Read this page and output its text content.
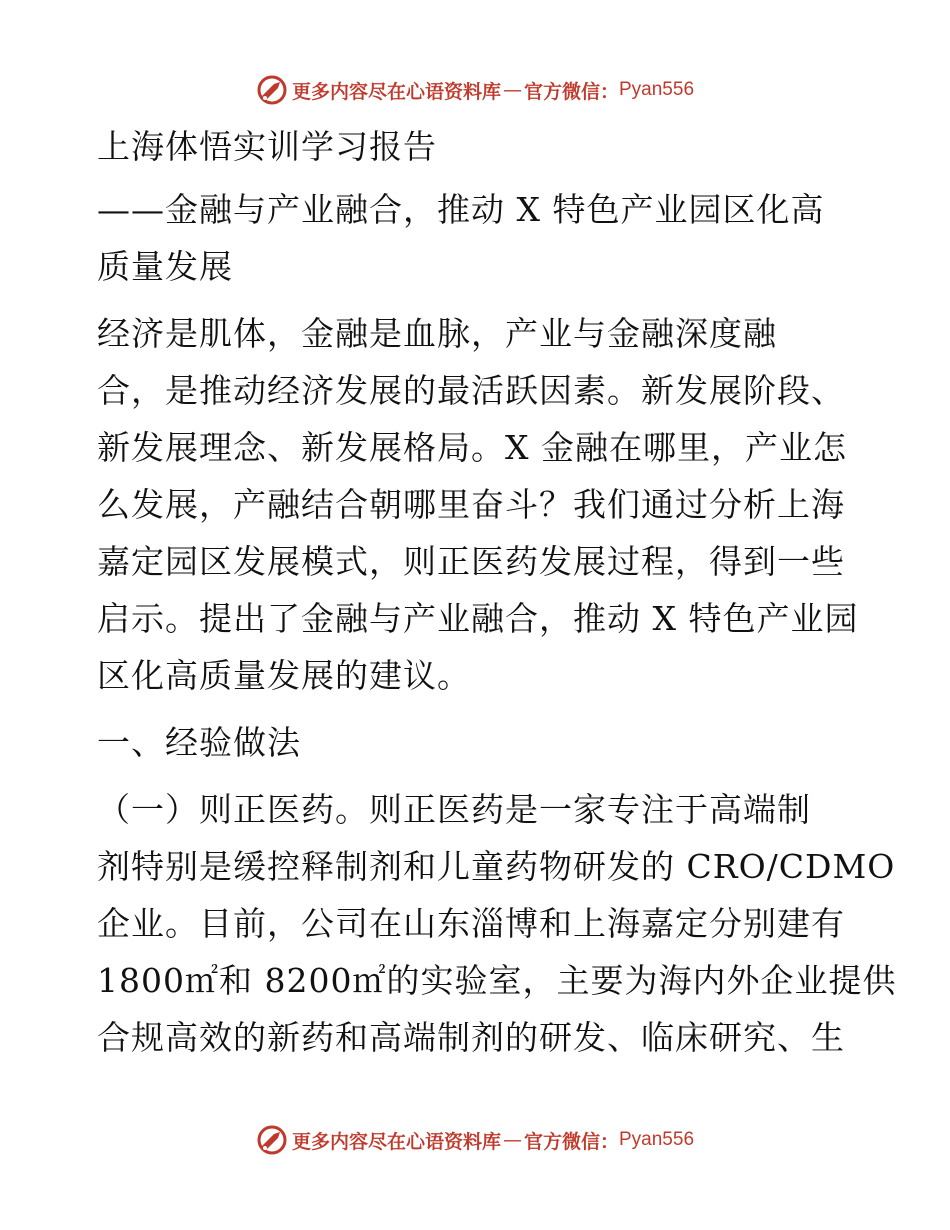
更多内容尽在心语资料库 — 官方微信： Pyan556
上海体悟实训学习报告
——金融与产业融合，推动 X 特色产业园区化高
质量发展
经济是肌体，金融是血脉，产业与金融深度融
合，是推动经济发展的最活跃因素。新发展阶段、
新发展理念、新发展格局。X 金融在哪里，产业怎
么发展，产融结合朝哪里奋斗？我们通过分析上海
嘉定园区发展模式，则正医药发展过程，得到一些
启示。提出了金融与产业融合，推动 X 特色产业园
区化高质量发展的建议。
一、经验做法
（一）则正医药。则正医药是一家专注于高端制
剂特别是缓控释制剂和儿童药物研发的 CRO/CDMO
企业。目前，公司在山东淄博和上海嘉定分别建有
1800㎡和 8200㎡的实验室，主要为海内外企业提供
合规高效的新药和高端制剂的研发、临床研究、生
更多内容尽在心语资料库 — 官方微信： Pyan556
